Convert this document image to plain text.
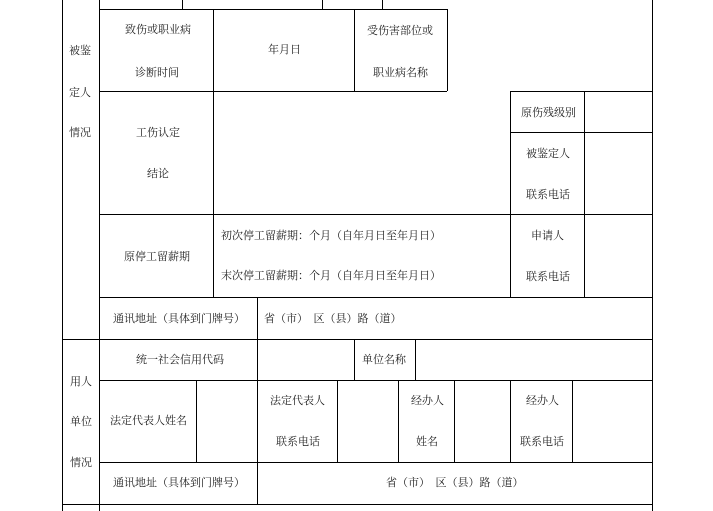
被鉴
定人
情况
致伤或职业病
诊断时间
年月日
受伤害部位或
职业病名称
工伤认定
结论
原伤残级别
被鉴定人
联系电话
原停工留薪期
初次停工留薪期：个月（自年月日至年月日）
末次停工留薪期：个月（自年月日至年月日）
申请人
联系电话
通讯地址（具体到门牌号） 省（市）　区（县）路（道）
用人
单位
情况
统一社会信用代码	单位名称
法定代表人姓名
法定代表人
联系电话
经办人
姓名
经办人
联系电话
通讯地址（具体到门牌号）	省（市）　区（县）路（道）
